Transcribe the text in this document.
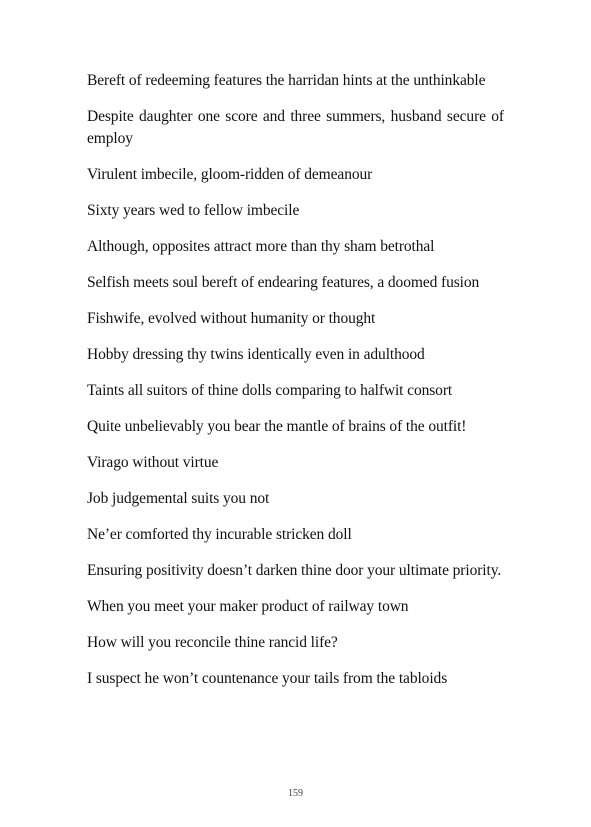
Bereft of redeeming features the harridan hints at the unthinkable

Despite daughter one score and three summers, husband secure of employ

Virulent imbecile, gloom-ridden of demeanour

Sixty years wed to fellow imbecile

Although, opposites attract more than thy sham betrothal

Selfish meets soul bereft of endearing features, a doomed fusion

Fishwife, evolved without humanity or thought

Hobby dressing thy twins identically even in adulthood

Taints all suitors of thine dolls comparing to halfwit consort

Quite unbelievably you bear the mantle of brains of the outfit!

Virago without virtue

Job judgemental suits you not

Ne’er comforted thy incurable stricken doll

Ensuring positivity doesn’t darken thine door your ultimate priority.

When you meet your maker product of railway town

How will you reconcile thine rancid life?

I suspect he won’t countenance your tails from the tabloids

159
